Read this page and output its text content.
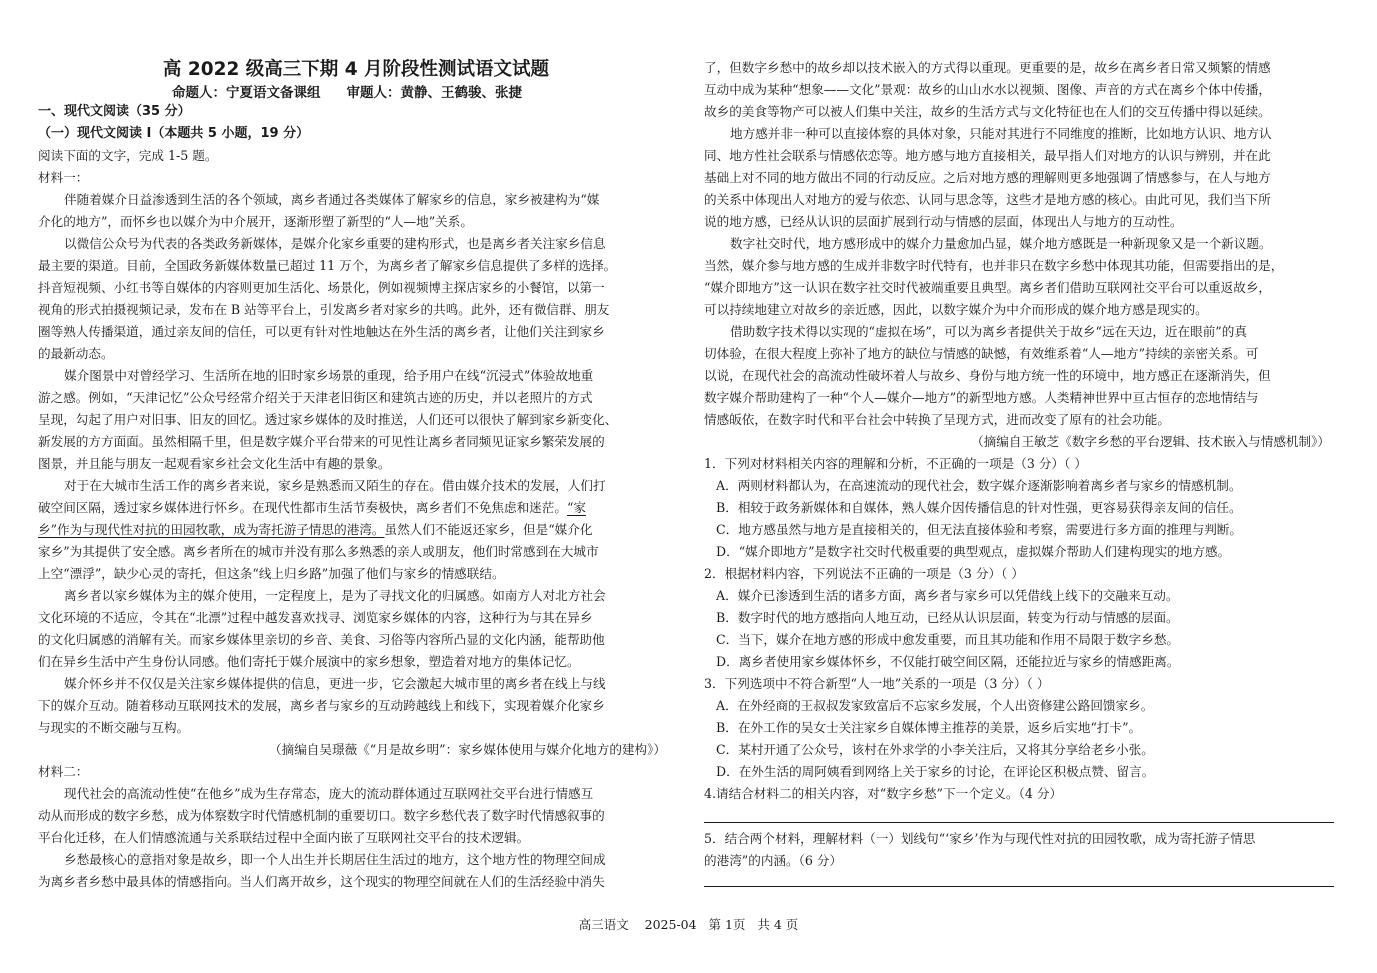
高 2022 级高三下期 4 月阶段性测试语文试题
命题人：宁夏语文备课组 审题人：黄静、王鹤骏、张捷
一、现代文阅读（35 分）
（一）现代文阅读 I（本题共 5 小题，19 分）
阅读下面的文字，完成 1-5 题。
材料一：
伴随着媒介日益渗透到生活的各个领域，离乡者通过各类媒体了解家乡的信息，家乡被建构为“媒
介化的地方”，而怀乡也以媒介为中介展开，逐渐形塑了新型的“人—地”关系。
以微信公众号为代表的各类政务新媒体，是媒介化家乡重要的建构形式，也是离乡者关注家乡信息
最主要的渠道。目前，全国政务新媒体数量已超过 11 万个，为离乡者了解家乡信息提供了多样的选择。
抖音短视频、小红书等自媒体的内容则更加生活化、场景化，例如视频博主探店家乡的小餐馆，以第一
视角的形式拍摄视频记录，发布在 B 站等平台上，引发离乡者对家乡的共鸣。此外，还有微信群、朋友
圈等熟人传播渠道，通过亲友间的信任，可以更有针对性地触达在外生活的离乡者，让他们关注到家乡
的最新动态。
媒介图景中对曾经学习、生活所在地的旧时家乡场景的重现，给予用户在线“沉浸式”体验故地重
游之感。例如，“天津记忆”公众号经常介绍关于天津老旧街区和建筑古迹的历史，并以老照片的方式
呈现，勾起了用户对旧事、旧友的回忆。透过家乡媒体的及时推送，人们还可以很快了解到家乡新变化、
新发展的方方面面。虽然相隔千里，但是数字媒介平台带来的可见性让离乡者同频见证家乡繁荣发展的
图景，并且能与朋友一起观看家乡社会文化生活中有趣的景象。
对于在大城市生活工作的离乡者来说，家乡是熟悉而又陌生的存在。借由媒介技术的发展，人们打
破空间区隔，透过家乡媒体进行怀乡。在现代性都市生活节奏极快，离乡者们不免焦虑和迷茫。“家
乡”作为与现代性对抗的田园牧歌，成为寄托游子情思的港湾。虽然人们不能返还家乡，但是“媒介化
家乡”为其提供了安全感。离乡者所在的城市并没有那么多熟悉的亲人或朋友，他们时常感到在大城市
上空“漂浮”，缺少心灵的寄托，但这条“线上归乡路”加强了他们与家乡的情感联结。
离乡者以家乡媒体为主的媒介使用，一定程度上，是为了寻找文化的归属感。如南方人对北方社会
文化环境的不适应，令其在“北漂”过程中越发喜欢找寻、浏览家乡媒体的内容，这种行为与其在异乡
的文化归属感的消解有关。而家乡媒体里亲切的乡音、美食、习俗等内容所凸显的文化内涵，能帮助他
们在异乡生活中产生身份认同感。他们寄托于媒介展演中的家乡想象，塑造着对地方的集体记忆。
媒介怀乡并不仅仅是关注家乡媒体提供的信息，更进一步，它会激起大城市里的离乡者在线上与线
下的媒介互动。随着移动互联网技术的发展，离乡者与家乡的互动跨越线上和线下，实现着媒介化家乡
与现实的不断交融与互构。
（摘编自吴璟薇《“月是故乡明”：家乡媒体使用与媒介化地方的建构》）
材料二：
现代社会的高流动性使“在他乡”成为生存常态，庞大的流动群体通过互联网社交平台进行情感互
动从而形成的数字乡愁，成为体察数字时代情感机制的重要切口。数字乡愁代表了数字时代情感叙事的
平台化迁移，在人们情感流通与关系联结过程中全面内嵌了互联网社交平台的技术逻辑。
乡愁最核心的意指对象是故乡，即一个人出生并长期居住生活过的地方，这个地方性的物理空间成
为离乡者乡愁中最具体的情感指向。当人们离开故乡，这个现实的物理空间就在人们的生活经验中消失
了，但数字乡愁中的故乡却以技术嵌入的方式得以重现。更重要的是，故乡在离乡者日常又频繁的情感
互动中成为某种“想象——文化”景观：故乡的山山水水以视频、图像、声音的方式在离乡个体中传播，
故乡的美食等物产可以被人们集中关注，故乡的生活方式与文化特征也在人们的交互传播中得以延续。
地方感并非一种可以直接体察的具体对象，只能对其进行不同维度的推断，比如地方认识、地方认
同、地方性社会联系与情感依恋等。地方感与地方直接相关，最早指人们对地方的认识与辨别，并在此
基础上对不同的地方做出不同的行动反应。之后对地方感的理解则更多地强调了情感参与，在人与地方
的关系中体现出人对地方的爱与依恋、认同与思念等，这些才是地方感的核心。由此可见，我们当下所
说的地方感，已经从认识的层面扩展到行动与情感的层面，体现出人与地方的互动性。
数字社交时代，地方感形成中的媒介力量愈加凸显，媒介地方感既是一种新现象又是一个新议题。
当然，媒介参与地方感的生成并非数字时代特有，也并非只在数字乡愁中体现其功能，但需要指出的是，
“媒介即地方”这一认识在数字社交时代被端重要且典型。离乡者们借助互联网社交平台可以重返故乡，
可以持续地建立对故乡的亲近感，因此，以数字媒介为中介而形成的媒介地方感是现实的。
借助数字技术得以实现的“虚拟在场”，可以为离乡者提供关于故乡“远在天边，近在眼前”的真
切体验，在很大程度上弥补了地方的缺位与情感的缺憾，有效维系着“人—地方”持续的亲密关系。可
以说，在现代社会的高流动性破坏着人与故乡、身份与地方统一性的环境中，地方感正在逐渐消失，但
数字媒介帮助建构了一种“个人—媒介—地方”的新型地方感。人类精神世界中亘古恒存的恋地情结与
情感皈依，在数字时代和平台社会中转换了呈现方式，进而改变了原有的社会功能。
（摘编自王敏芝《数字乡愁的平台逻辑、技术嵌入与情感机制》）
1．下列对材料相关内容的理解和分析，不正确的一项是（3 分）（ ）
A．两则材料都认为，在高速流动的现代社会，数字媒介逐渐影响着离乡者与家乡的情感机制。
B．相较于政务新媒体和自媒体，熟人媒介因传播信息的针对性强，更容易获得亲友间的信任。
C．地方感虽然与地方是直接相关的，但无法直接体验和考察，需要进行多方面的推理与判断。
D．“媒介即地方”是数字社交时代极重要的典型观点，虚拟媒介帮助人们建构现实的地方感。
2．根据材料内容，下列说法不正确的一项是（3 分）（ ）
A．媒介已渗透到生活的诸多方面，离乡者与家乡可以凭借线上线下的交融来互动。
B．数字时代的地方感指向人地互动，已经从认识层面，转变为行动与情感的层面。
C．当下，媒介在地方感的形成中愈发重要，而且其功能和作用不局限于数字乡愁。
D．离乡者使用家乡媒体怀乡，不仅能打破空间区隔，还能拉近与家乡的情感距离。
3．下列选项中不符合新型“人一地”关系的一项是（3 分）（ ）
A．在外经商的王叔叔发家致富后不忘家乡发展，个人出资修建公路回馈家乡。
B．在外工作的吴女士关注家乡自媒体博主推荐的美景，返乡后实地“打卡”。
C．某村开通了公众号，该村在外求学的小李关注后，又将其分享给老乡小张。
D．在外生活的周阿姨看到网络上关于家乡的讨论，在评论区积极点赞、留言。
4.请结合材料二的相关内容，对“数字乡愁”下一个定义。（4 分）
5．结合两个材料，理解材料（一）划线句“‘家乡’作为与现代性对抗的田园牧歌，成为寄托游子情思
的港湾”的内涵。（6 分）
高三语文 2025-04 第 1页 共 4 页
